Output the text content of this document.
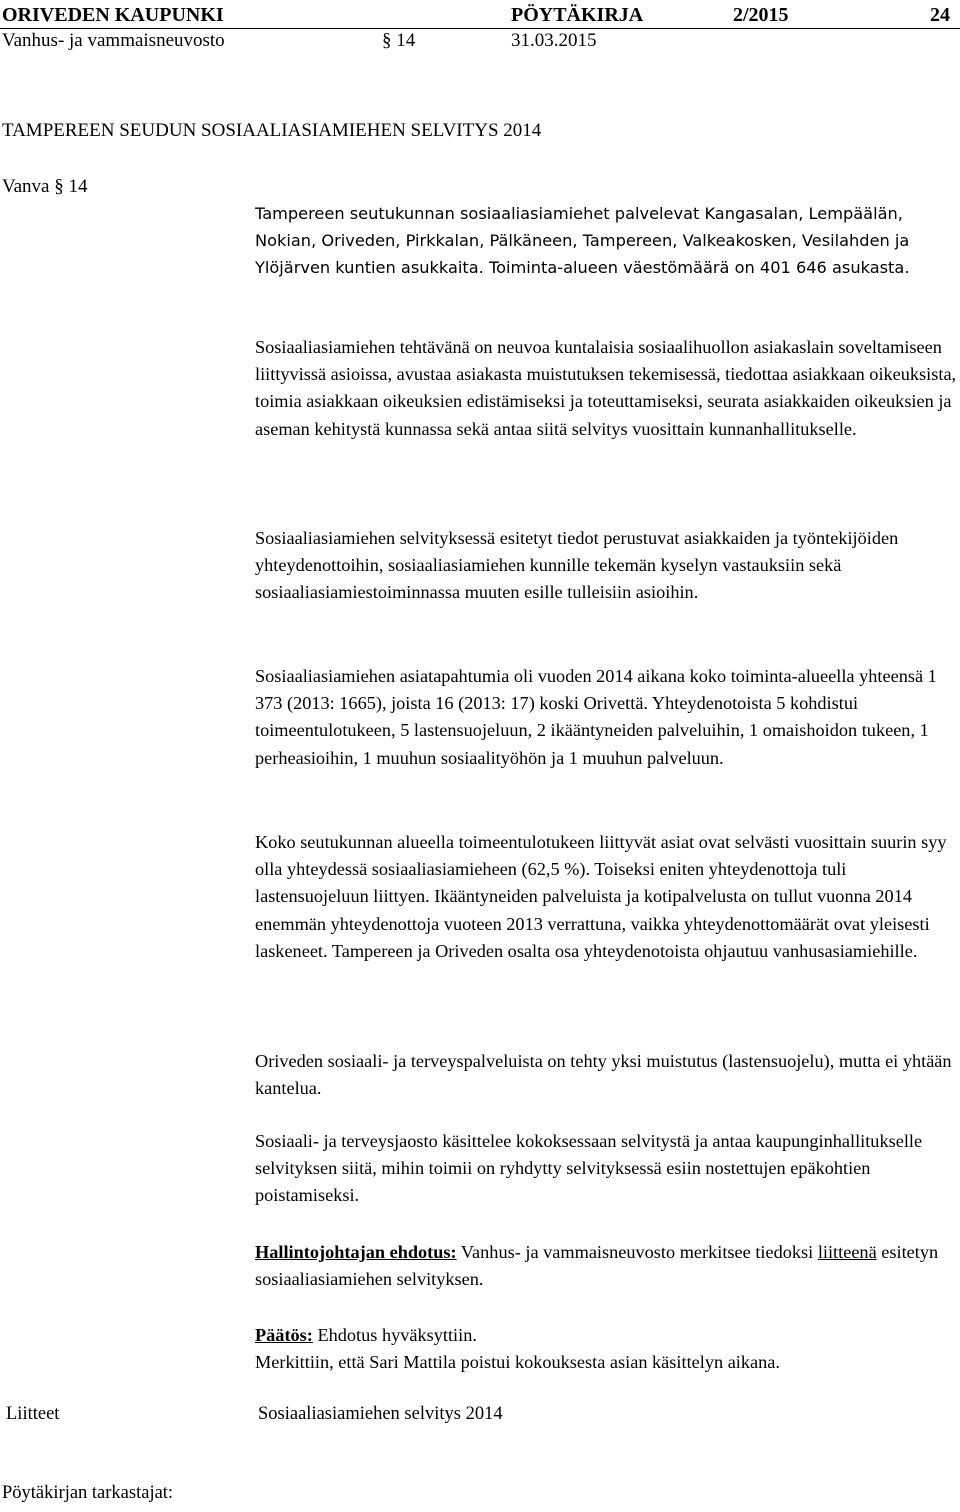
ORIVEDEN KAUPUNKI	PÖYTÄKIRJA	2/2015	24
Vanhus- ja vammaisneuvosto	§ 14	31.03.2015
TAMPEREEN SEUDUN SOSIAALIASIAMIEHEN SELVITYS 2014
Vanva § 14

Tampereen seutukunnan sosiaaliasiamiehet palvelevat Kangasalan, Lempäälän, Nokian, Oriveden, Pirkkalan, Pälkäneen, Tampereen, Valkeakosken, Vesilahden ja Ylöjärven kuntien asukkaita. Toiminta-alueen väestömäärä on 401 646 asukasta.

Sosiaaliasiamiehen tehtävänä on neuvoa kuntalaisia sosiaalihuollon asiakaslain soveltamiseen liittyvissä asioissa, avustaa asiakasta muistutuksen tekemisessä, tiedottaa asiakkaan oikeuksista, toimia asiakkaan oikeuksien edistämiseksi ja toteuttamiseksi, seurata asiakkaiden oikeuksien ja aseman kehitystä kunnassa sekä antaa siitä selvitys vuosittain kunnanhallitukselle.

Sosiaaliasiamiehen selvityksessä esitetyt tiedot perustuvat asiakkaiden ja työntekijöiden yhteydenottoihin, sosiaaliasiamiehen kunnille tekemän kyselyn vastauksiin sekä sosiaaliasiamiestoiminnassa muuten esille tulleisiin asioihin.

Sosiaaliasiamiehen asiatapahtumia oli vuoden 2014 aikana koko toiminta-alueella yhteensä 1 373 (2013: 1665), joista 16 (2013: 17) koski Orivettä. Yhteydenotoista 5 kohdistui toimeentulotukeen, 5 lastensuojeluun, 2 ikääntyneiden palveluihin, 1 omaishoidon tukeen, 1 perheasioihin, 1 muuhun sosiaalityöhön ja 1 muuhun palveluun.

Koko seutukunnan alueella toimeentulotukeen liittyvät asiat ovat selvästi vuosittain suurin syy olla yhteydessä sosiaaliasiamieheen (62,5 %). Toiseksi eniten yhteydenottoja tuli lastensuojeluun liittyen. Ikääntyneiden palveluista ja kotipalvelusta on tullut vuonna 2014 enemmän yhteydenottoja vuoteen 2013 verrattuna, vaikka yhteydenottomäärät ovat yleisesti laskeneet. Tampereen ja Oriveden osalta osa yhteydenotoista ohjautuu vanhusasiamiehille.

Oriveden sosiaali- ja terveyspalveluista on tehty yksi muistutus (lastensuojelu), mutta ei yhtään kantelua.

Sosiaali- ja terveysjaosto käsittelee kokoksessaan selvitystä ja antaa kaupunginhallitukselle selvityksen siitä, mihin toimii on ryhdytty selvityksessä esiin nostettujen epäkohtien poistamiseksi.

Hallintojohtajan ehdotus: Vanhus- ja vammaisneuvosto merkitsee tiedoksi liitteenä esitetyn sosiaaliasiamiehen selvityksen.

Päätös: Ehdotus hyväksyttiin.

Merkittiin, että Sari Mattila poistui kokouksesta asian käsittelyn aikana.

Liitteet	Sosiaaliasiamiehen selvitys 2014
Pöytäkirjan tarkastajat:
